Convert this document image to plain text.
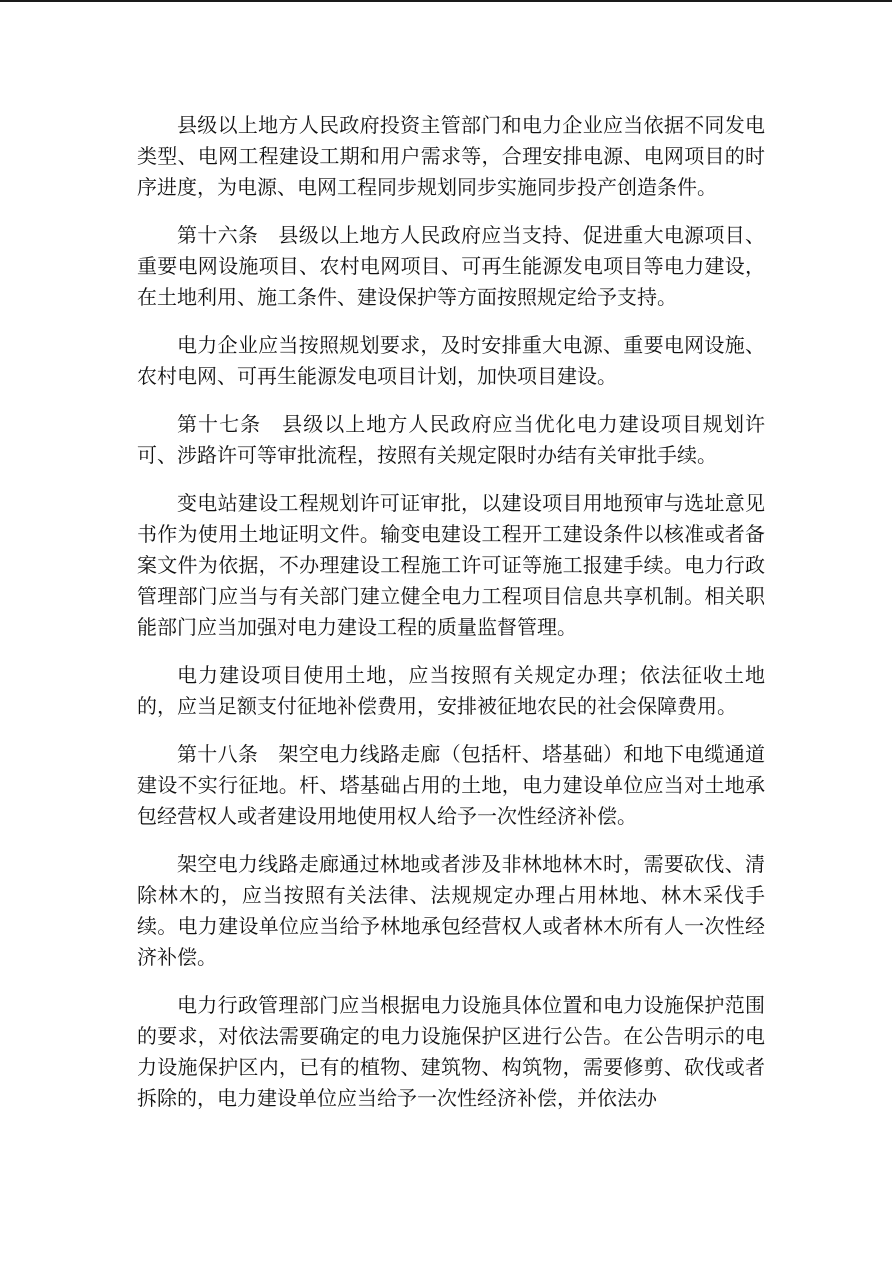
县级以上地方人民政府投资主管部门和电力企业应当依据不同发电类型、电网工程建设工期和用户需求等，合理安排电源、电网项目的时序进度，为电源、电网工程同步规划同步实施同步投产创造条件。

第十六条　县级以上地方人民政府应当支持、促进重大电源项目、重要电网设施项目、农村电网项目、可再生能源发电项目等电力建设，在土地利用、施工条件、建设保护等方面按照规定给予支持。

电力企业应当按照规划要求，及时安排重大电源、重要电网设施、农村电网、可再生能源发电项目计划，加快项目建设。

第十七条　县级以上地方人民政府应当优化电力建设项目规划许可、涉路许可等审批流程，按照有关规定限时办结有关审批手续。

变电站建设工程规划许可证审批，以建设项目用地预审与选址意见书作为使用土地证明文件。输变电建设工程开工建设条件以核准或者备案文件为依据，不办理建设工程施工许可证等施工报建手续。电力行政管理部门应当与有关部门建立健全电力工程项目信息共享机制。相关职能部门应当加强对电力建设工程的质量监督管理。

电力建设项目使用土地，应当按照有关规定办理；依法征收土地的，应当足额支付征地补偿费用，安排被征地农民的社会保障费用。

第十八条　架空电力线路走廊（包括杆、塔基础）和地下电缆通道建设不实行征地。杆、塔基础占用的土地，电力建设单位应当对土地承包经营权人或者建设用地使用权人给予一次性经济补偿。

架空电力线路走廊通过林地或者涉及非林地林木时，需要砍伐、清除林木的，应当按照有关法律、法规规定办理占用林地、林木采伐手续。电力建设单位应当给予林地承包经营权人或者林木所有人一次性经济补偿。

电力行政管理部门应当根据电力设施具体位置和电力设施保护范围的要求，对依法需要确定的电力设施保护区进行公告。在公告明示的电力设施保护区内，已有的植物、建筑物、构筑物，需要修剪、砍伐或者拆除的，电力建设单位应当给予一次性经济补偿，并依法办
